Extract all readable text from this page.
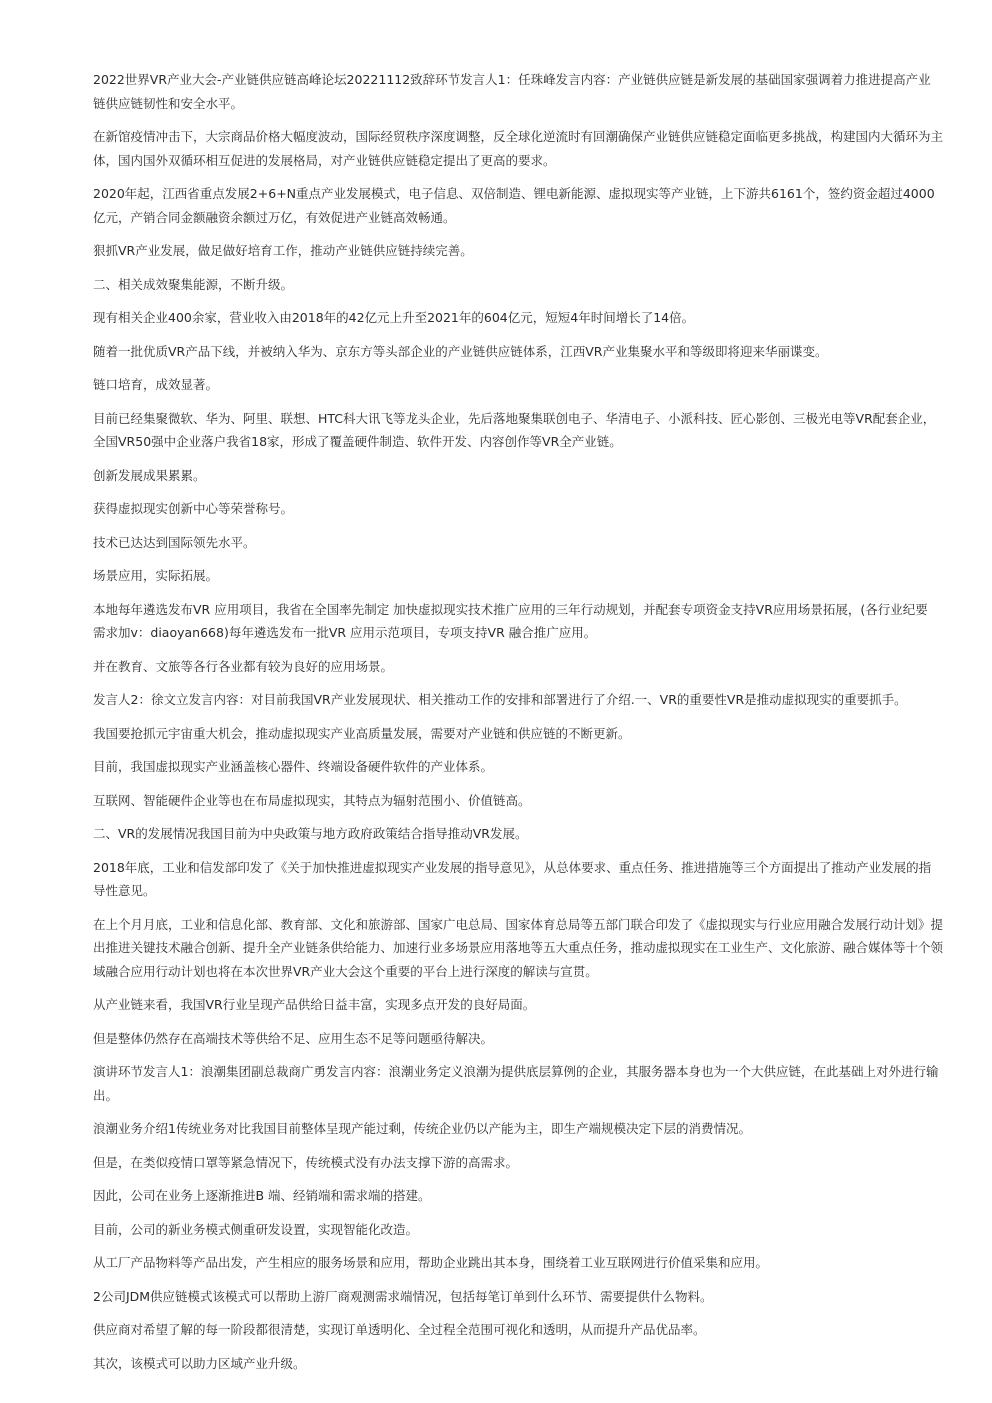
2022世界VR产业大会-产业链供应链高峰论坛20221112致辞环节发言人1：任珠峰发言内容：产业链供应链是新发展的基础国家强调着力推进提高产业链供应链韧性和安全水平。

在新馆疫情冲击下，大宗商品价格大幅度波动，国际经贸秩序深度调整，反全球化逆流时有回潮确保产业链供应链稳定面临更多挑战，构建国内大循环为主体，国内国外双循环相互促进的发展格局，对产业链供应链稳定提出了更高的要求。

2020年起，江西省重点发展2+6+N重点产业发展模式，电子信息、双倍制造、锂电新能源、虚拟现实等产业链，上下游共6161个，签约资金超过4000亿元，产销合同金额融资余额过万亿，有效促进产业链高效畅通。

狠抓VR产业发展，做足做好培育工作，推动产业链供应链持续完善。

二、相关成效聚集能源，不断升级。

现有相关企业400余家，营业收入由2018年的42亿元上升至2021年的604亿元，短短4年时间增长了14倍。

随着一批优质VR产品下线，并被纳入华为、京东方等头部企业的产业链供应链体系，江西VR产业集聚水平和等级即将迎来华丽谍变。

链口培育，成效显著。

目前已经集聚微软、华为、阿里、联想、HTC科大讯飞等龙头企业，先后落地聚集联创电子、华清电子、小派科技、匠心影创、三极光电等VR配套企业，全国VR50强中企业落户我省18家，形成了覆盖硬件制造、软件开发、内容创作等VR全产业链。

创新发展成果累累。

获得虚拟现实创新中心等荣誉称号。

技术已达达到国际领先水平。

场景应用，实际拓展。

本地每年遴选发布VR 应用项目，我省在全国率先制定 加快虚拟现实技术推广应用的三年行动规划，并配套专项资金支持VR应用场景拓展，(各行业纪要 需求加v：diaoyan668)每年遴选发布一批VR 应用示范项目，专项支持VR 融合推广应用。

并在教育、文旅等各行各业都有较为良好的应用场景。

发言人2：徐文立发言内容：对目前我国VR产业发展现状、相关推动工作的安排和部署进行了介绍.一、VR的重要性VR是推动虚拟现实的重要抓手。

我国要抢抓元宇宙重大机会，推动虚拟现实产业高质量发展，需要对产业链和供应链的不断更新。

目前，我国虚拟现实产业涵盖核心器件、终端设备硬件软件的产业体系。

互联网、智能硬件企业等也在布局虚拟现实，其特点为辐射范围小、价值链高。

二、VR的发展情况我国目前为中央政策与地方政府政策结合指导推动VR发展。

2018年底，工业和信发部印发了《关于加快推进虚拟现实产业发展的指导意见》，从总体要求、重点任务、推进措施等三个方面提出了推动产业发展的指导性意见。

在上个月月底，工业和信息化部、教育部、文化和旅游部、国家广电总局、国家体育总局等五部门联合印发了《虚拟现实与行业应用融合发展行动计划》提出推进关键技术融合创新、提升全产业链条供给能力、加速行业多场景应用落地等五大重点任务，推动虚拟现实在工业生产、文化旅游、融合媒体等十个领域融合应用行动计划也将在本次世界VR产业大会这个重要的平台上进行深度的解读与宣贯。

从产业链来看，我国VR行业呈现产品供给日益丰富，实现多点开发的良好局面。

但是整体仍然存在高端技术等供给不足、应用生态不足等问题亟待解决。

演讲环节发言人1：浪潮集团副总裁商广勇发言内容：浪潮业务定义浪潮为提供底层算例的企业，其服务器本身也为一个大供应链，在此基础上对外进行输出。

浪潮业务介绍1传统业务对比我国目前整体呈现产能过剩，传统企业仍以产能为主，即生产端规模决定下层的消费情况。

但是，在类似疫情口罩等紧急情况下，传统模式没有办法支撑下游的高需求。

因此，公司在业务上逐渐推进B 端、经销端和需求端的搭建。

目前，公司的新业务模式侧重研发设置，实现智能化改造。

从工厂产品物料等产品出发，产生相应的服务场景和应用，帮助企业跳出其本身，围绕着工业互联网进行价值采集和应用。

2公司JDM供应链模式该模式可以帮助上游厂商观测需求端情况，包括每笔订单到什么环节、需要提供什么物料。

供应商对希望了解的每一阶段都很清楚，实现订单透明化、全过程全范围可视化和透明，从而提升产品优品率。

其次，该模式可以助力区域产业升级。
